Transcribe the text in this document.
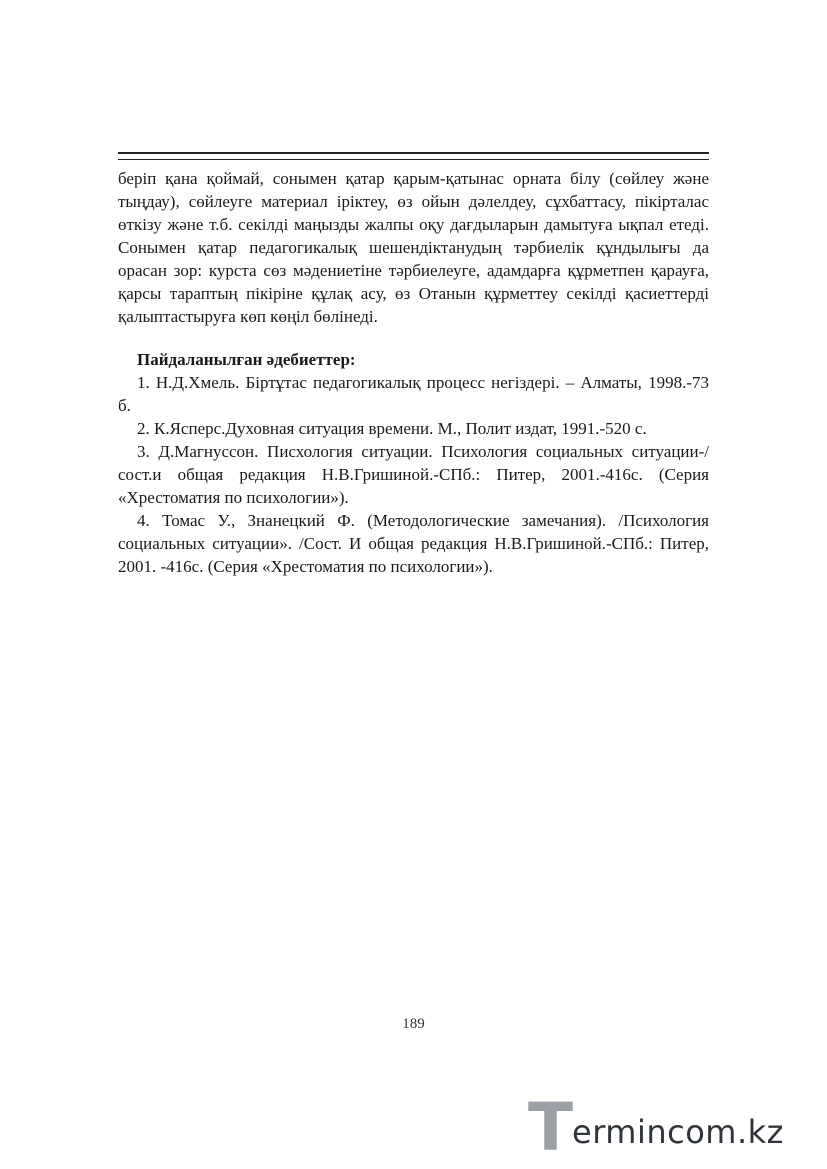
беріп қана қоймай, сонымен қатар қарым-қатынас орната білу (сөйлеу және тыңдау), сөйлеуге материал іріктеу, өз ойын дәлелдеу, сұхбаттасу, пікірталас өткізу және т.б. секілді маңызды жалпы оқу дағдыларын дамытуға ықпал етеді. Сонымен қатар педагогикалық шешендіктанудың тәрбиелік құндылығы да орасан зор: курста сөз мәдениетіне тәрбиелеуге, адамдарға құрметпен қарауға, қарсы тараптың пікіріне құлақ асу, өз Отанын құрметтеу секілді қасиеттерді қалыптастыруға көп көңіл бөлінеді.

Пайдаланылған әдебиеттер:

1. Н.Д.Хмель. Біртұтас педагогикалық процесс негіздері. – Алматы, 1998.-73 б.

2. К.Ясперс.Духовная ситуация времени. М., Полит издат, 1991.-520 с.

3. Д.Магнуссон. Писхология ситуации. Психология социальных ситуации-/сост.и общая редакция Н.В.Гришиной.-СПб.: Питер, 2001.-416с. (Серия «Хрестоматия по психологии»).

4. Томас У., Знанецкий Ф. (Методологические замечания). /Психология социальных ситуации». /Сост. И общая редакция Н.В.Гришиной.-СПб.: Питер, 2001. -416с. (Серия «Хрестоматия по психологии»).

189
T ermincom.kz
